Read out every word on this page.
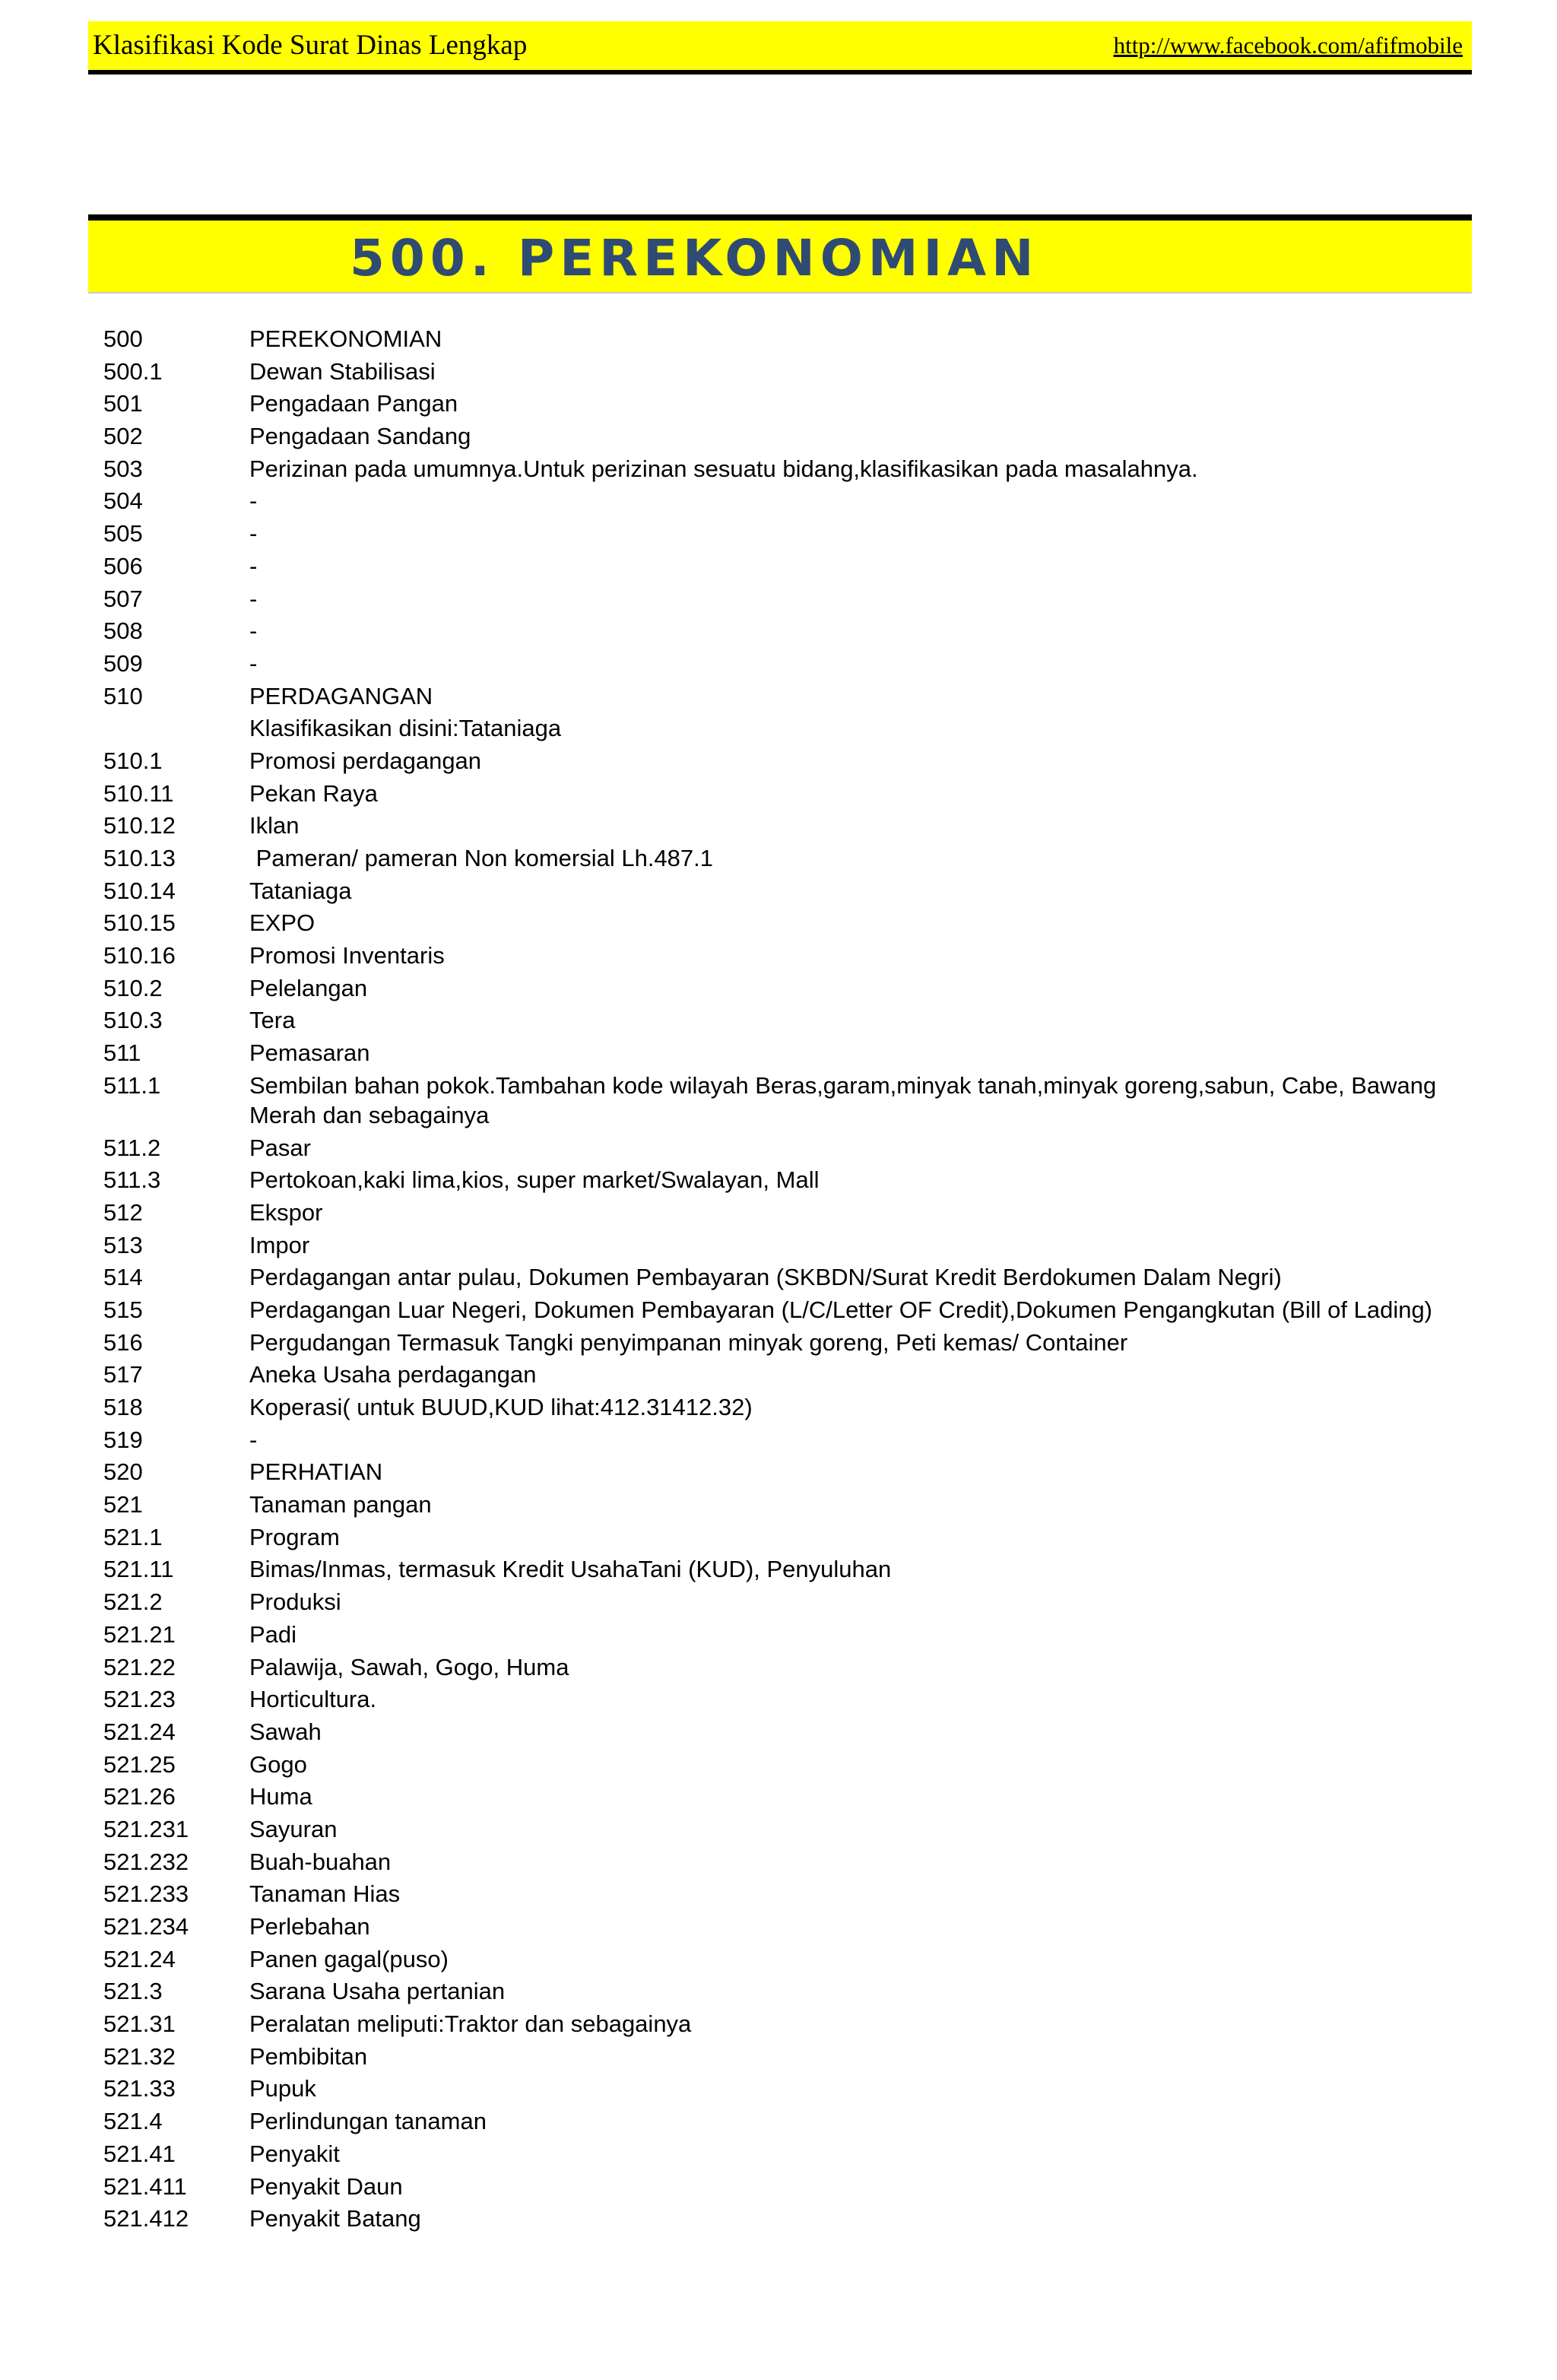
Klasifikasi Kode Surat Dinas Lengkap	http://www.facebook.com/afifmobile
500. PEREKONOMIAN
500	PEREKONOMIAN
500.1	Dewan Stabilisasi
501	Pengadaan Pangan
502	Pengadaan Sandang
503	Perizinan pada umumnya.Untuk perizinan sesuatu bidang,klasifikasikan pada masalahnya.
504	-
505	-
506	-
507	-
508	-
509	-
510	PERDAGANGAN
Klasifikasikan disini:Tataniaga
510.1	Promosi perdagangan
510.11	Pekan Raya
510.12	Iklan
510.13	Pameran/ pameran Non komersial Lh.487.1
510.14	Tataniaga
510.15	EXPO
510.16	Promosi Inventaris
510.2	Pelelangan
510.3	Tera
511	Pemasaran
511.1	Sembilan bahan pokok.Tambahan kode wilayah Beras,garam,minyak tanah,minyak goreng,sabun, Cabe, Bawang Merah dan sebagainya
511.2	Pasar
511.3	Pertokoan,kaki lima,kios, super market/Swalayan, Mall
512	Ekspor
513	Impor
514	Perdagangan antar pulau, Dokumen Pembayaran (SKBDN/Surat Kredit Berdokumen Dalam Negri)
515	Perdagangan Luar Negeri, Dokumen Pembayaran (L/C/Letter OF Credit),Dokumen Pengangkutan (Bill of Lading)
516	Pergudangan Termasuk Tangki penyimpanan minyak goreng, Peti kemas/ Container
517	Aneka Usaha perdagangan
518	Koperasi( untuk BUUD,KUD lihat:412.31412.32)
519	-
520	PERHATIAN
521	Tanaman pangan
521.1	Program
521.11	Bimas/Inmas, termasuk Kredit UsahaTani (KUD), Penyuluhan
521.2	Produksi
521.21	Padi
521.22	Palawija, Sawah, Gogo, Huma
521.23	Horticultura.
521.24	Sawah
521.25	Gogo
521.26	Huma
521.231	Sayuran
521.232	Buah-buahan
521.233	Tanaman Hias
521.234	Perlebahan
521.24	Panen gagal(puso)
521.3	Sarana Usaha pertanian
521.31	Peralatan meliputi:Traktor dan sebagainya
521.32	Pembibitan
521.33	Pupuk
521.4	Perlindungan tanaman
521.41	Penyakit
521.411	Penyakit Daun
521.412	Penyakit Batang
